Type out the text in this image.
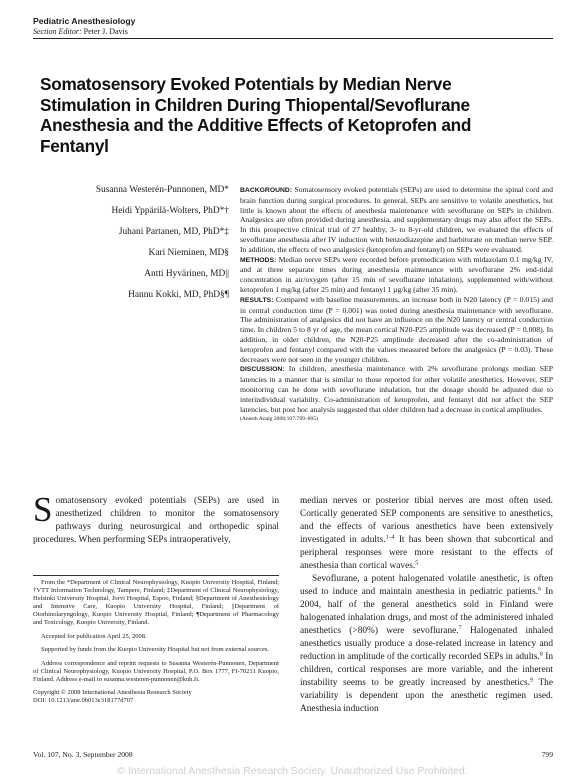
Pediatric Anesthesiology
Section Editor: Peter J. Davis
Somatosensory Evoked Potentials by Median Nerve Stimulation in Children During Thiopental/Sevoflurane Anesthesia and the Additive Effects of Ketoprofen and Fentanyl
Susanna Westerén-Punnonen, MD*
Heidi Yppärilä-Wolters, PhD*†
Juhani Partanen, MD, PhD*‡
Kari Nieminen, MD§
Antti Hyvärinen, MD||
Hannu Kokki, MD, PhD§¶

BACKGROUND: Somatosensory evoked potentials (SEPs) are used to determine the spinal cord and brain function during surgical procedures. In general, SEPs are sensitive to volatile anesthetics, but little is known about the effects of anesthesia maintenance with sevoflurane on SEPs in children. Analgesics are often provided during anesthesia, and supplementary drugs may also affect the SEPs. In this prospective clinical trial of 27 healthy, 3- to 8-yr-old children, we evaluated the effects of sevoflurane anesthesia after IV induction with benzodiazepine and barbiturate on median nerve SEP. In addition, the effects of two analgesics (ketoprofen and fentanyl) on SEPs were evaluated.

METHODS: Median nerve SEPs were recorded before premedication with midazolam 0.1 mg/kg IV, and at three separate times during anesthesia maintenance with sevoflurane 2% end-tidal concentration in air/oxygen (after 15 min of sevoflurane inhalation), supplemented with/without ketoprofen 1 mg/kg (after 25 min) and fentanyl 1 µg/kg (after 35 min).

RESULTS: Compared with baseline measurements, an increase both in N20 latency (P = 0.015) and in central conduction time (P = 0.001) was noted during anesthesia maintenance with sevoflurane. The administration of analgesics did not have an influence on the N20 latency or central conduction time. In children 5 to 8 yr of age, the mean cortical N20-P25 amplitude was decreased (P = 0.008). In addition, in older children, the N20-P25 amplitude decreased after the co-administration of ketoprofen and fentanyl compared with the values measured before the analgesics (P = 0.03). These decreases were not seen in the younger children.

DISCUSSION: In children, anesthesia maintenance with 2% sevoflurane prolongs median SEP latencies in a manner that is similar to those reported for other volatile anesthetics. However, SEP monitoring can be done with sevoflurane inhalation, but the dosage should be adjusted due to interindividual variabilty. Co-administration of ketoprofen, and fentanyl did not affect the SEP latencies, but post hoc analysis suggested that older children had a decrease in cortical amplitudes.

(Anesth Analg 2008;107:799–805)

Somatosensory evoked potentials (SEPs) are used in anesthetized children to monitor the somatosensory pathways during neurosurgical and orthopedic spinal procedures. When performing SEPs intraoperatively,

From the *Department of Clinical Neurophysiology, Kuopio University Hospital, Finland; †VTT Information Technology, Tampere, Finland; ‡Department of Clinical Neurophysiology, Helsinki University Hospital, Jorvi Hospital, Espoo, Finland; §Department of Anesthesiology and Intensive Care, Kuopio University Hospital, Finland; ||Department of Otorhinolaryngology, Kuopio University Hospital, Finland; ¶Department of Pharmacology and Toxicology, Kuopio University, Finland.

Accepted for publication April 25, 2008.

Supported by funds from the Kuopio University Hospital but not from external sources.

Address correspondence and reprint requests to Susanna Westerén-Punnonen, Department of Clinical Neurophysiology, Kuopio University Hospital, P.O. Box 1777, FI-70211 Kuopio, Finland. Address e-mail to susanna.westeren-punnonen@kuh.fi.

Copyright © 2008 International Anesthesia Research Society

DOI: 10.1213/ane.0b013e318177d707

median nerves or posterior tibial nerves are most often used. Cortically generated SEP components are sensitive to anesthetics, and the effects of various anesthetics have been extensively investigated in adults.$^{1-4}$ It has been shown that subcortical and peripheral responses were more resistant to the effects of anesthesia than cortical waves.$^5$

Sevoflurane, a potent halogenated volatile anesthetic, is often used to induce and maintain anesthesia in pediatric patients.$^6$ In 2004, half of the general anesthetics sold in Finland were halogenated inhalation drugs, and most of the administered inhaled anesthetics (>80%) were sevoflurane.$^7$ Halogenated inhaled anesthetics usually produce a dose-related increase in latency and reduction in amplitude of the cortically recorded SEPs in adults.$^8$ In children, cortical responses are more variable, and the inherent instability seems to be greatly increased by anesthetics.$^9$ The variability is dependent upon the anesthetic regimen used. Anesthesia induction

Vol. 107, No. 3, September 2008	799
© International Anesthesia Research Society. Unauthorized Use Prohibited.
